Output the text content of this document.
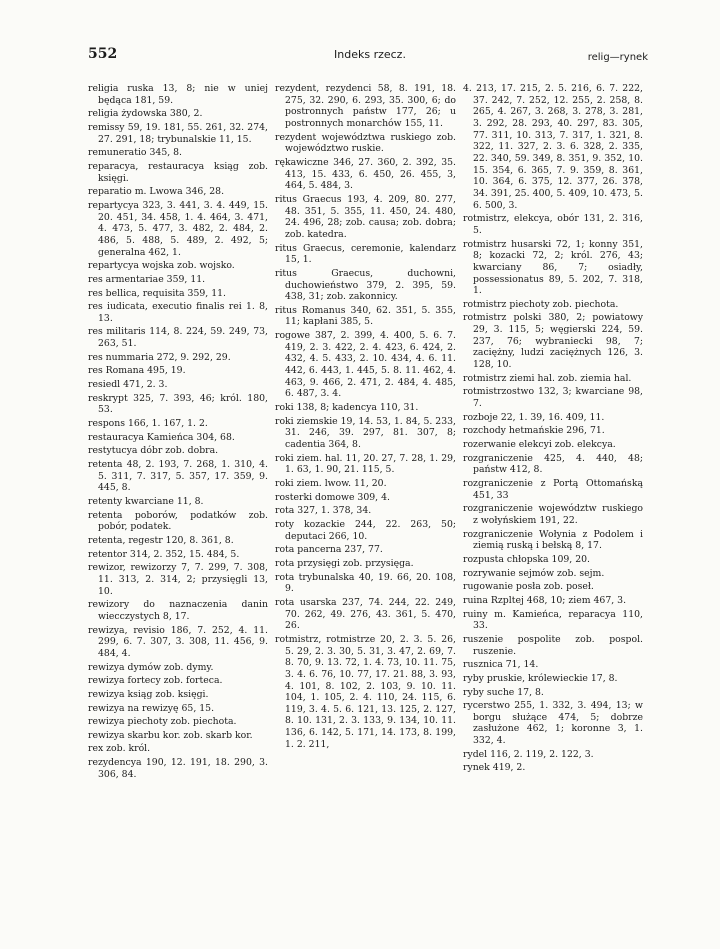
552	Indeks rzecz.	relig—rynek

religia ruska 13, 8; nie w uniej będąca 181, 59.

religia żydowska 380, 2.

remissy 59, 19. 181, 55. 261, 32. 274, 27. 291, 18; trybunalskie 11, 15.

remuneratio 345, 8.

reparacya, restauracya ksiąg zob. księgi.

reparatio m. Lwowa 346, 28.

repartycya 323, 3. 441, 3. 4. 449, 15. 20. 451, 34. 458, 1. 4. 464, 3. 471, 4. 473, 5. 477, 3. 482, 2. 484, 2. 486, 5. 488, 5. 489, 2. 492, 5; generalna 462, 1.

repartycya wojska zob. wojsko.

res armentariae 359, 11.

res bellica, requisita 359, 11.

res iudicata, executio finalis rei 1. 8, 13.

res militaris 114, 8. 224, 59. 249, 73, 263, 51.

res nummaria 272, 9. 292, 29.

res Romana 495, 19.

resiedl 471, 2. 3.

reskrypt 325, 7. 393, 46; król. 180, 53.

respons 166, 1. 167, 1. 2.

restauracya Kamieńca 304, 68.

restytucya dóbr zob. dobra.

retenta 48, 2. 193, 7. 268, 1. 310, 4. 5. 311, 7. 317, 5. 357, 17. 359, 9. 445, 8.

retenty kwarciane 11, 8.

retenta poborów, podatków zob. pobór, podatek.

retenta, regestr 120, 8. 361, 8.

retentor 314, 2. 352, 15. 484, 5.

rewizor, rewizorzy 7, 7. 299, 7. 308, 11. 313, 2. 314, 2; przysięgli 13, 10.

rewizory do naznaczenia danin wiecczystych 8, 17.

rewizya, revisio 186, 7. 252, 4. 11. 299, 6. 7. 307, 3. 308, 11. 456, 9. 484, 4.

rewizya dymów zob. dymy.

rewizya fortecy zob. forteca.

rewizya ksiąg zob. księgi.

rewizya na rewizyę 65, 15.

rewizya piechoty zob. piechota.

rewizya skarbu kor. zob. skarb kor.

rex zob. król.

rezydencya 190, 12. 191, 18. 290, 3. 306, 84.

rezydent, rezydenci 58, 8. 191, 18. 275, 32. 290, 6. 293, 35. 300, 6; do postronnych państw 177, 26; u postronnych monarchów 155, 11.

rezydent województwa ruskiego zob. województwo ruskie.

rękawiczne 346, 27. 360, 2. 392, 35. 413, 15. 433, 6. 450, 26. 455, 3, 464, 5. 484, 3.

ritus Graecus 193, 4. 209, 80. 277, 48. 351, 5. 355, 11. 450, 24. 480, 24. 496, 28; zob. causa; zob. dobra; zob. katedra.

ritus Graecus, ceremonie, kalendarz 15, 1.

ritus Graecus, duchowni, duchowieństwo 379, 2. 395, 59. 438, 31; zob. zakonnicy.

ritus Romanus 340, 62. 351, 5. 355, 11; kapłani 385, 5.

rogowe 387, 2. 399, 4. 400, 5. 6. 7. 419, 2. 3. 422, 2. 4. 423, 6. 424, 2. 432, 4. 5. 433, 2. 10. 434, 4. 6. 11. 442, 6. 443, 1. 445, 5. 8. 11. 462, 4. 463, 9. 466, 2. 471, 2. 484, 4. 485, 6. 487, 3. 4.

roki 138, 8; kadencya 110, 31.

roki ziemskie 19, 14. 53, 1. 84, 5. 233, 31. 246, 39. 297, 81. 307, 8; cadentia 364, 8.

roki ziem. hal. 11, 20. 27, 7. 28, 1. 29, 1. 63, 1. 90, 21. 115, 5.

roki ziem. lwow. 11, 20.

rosterki domowe 309, 4.

rota 327, 1. 378, 34.

roty kozackie 244, 22. 263, 50; deputaci 266, 10.

rota pancerna 237, 77.

rota przysięgi zob. przysięga.

rota trybunalska 40, 19. 66, 20. 108, 9.

rota usarska 237, 74. 244, 22. 249, 70. 262, 49. 276, 43. 361, 5. 470, 26.

rotmistrz, rotmistrze 20, 2. 3. 5. 26, 5. 29, 2. 3. 30, 5. 31, 3. 47, 2. 69, 7. 8. 70, 9. 13. 72, 1. 4. 73, 10. 11. 75, 3. 4. 6. 76, 10. 77, 17. 21. 88, 3. 93, 4. 101, 8. 102, 2. 103, 9. 10. 11. 104, 1. 105, 2. 4. 110, 24. 115, 6. 119, 3. 4. 5. 6. 121, 13. 125, 2. 127, 8. 10. 131, 2. 3. 133, 9. 134, 10. 11. 136, 6. 142, 5. 171, 14. 173, 8. 199, 1. 2. 211,

4. 213, 17. 215, 2. 5. 216, 6. 7. 222, 37. 242, 7. 252, 12. 255, 2. 258, 8. 265, 4. 267, 3. 268, 3. 278, 3. 281, 3. 292, 28. 293, 40. 297, 83. 305, 77. 311, 10. 313, 7. 317, 1. 321, 8. 322, 11. 327, 2. 3. 6. 328, 2. 335, 22. 340, 59. 349, 8. 351, 9. 352, 10. 15. 354, 6. 365, 7. 9. 359, 8. 361, 10. 364, 6. 375, 12. 377, 26. 378, 34. 391, 25. 400, 5. 409, 10. 473, 5. 6. 500, 3.

rotmistrz, elekcya, obór 131, 2. 316, 5.

rotmistrz husarski 72, 1; konny 351, 8; kozacki 72, 2; król. 276, 43; kwarciany 86, 7; osiadły, possessionatus 89, 5. 202, 7. 318, 1.

rotmistrz piechoty zob. piechota.

rotmistrz polski 380, 2; powiatowy 29, 3. 115, 5; węgierski 224, 59. 237, 76; wybraniecki 98, 7; zaciężny, ludzi zaciężnych 126, 3. 128, 10.

rotmistrz ziemi hal. zob. ziemia hal.

rotmistrzostwo 132, 3; kwarciane 98, 7.

rozboje 22, 1. 39, 16. 409, 11.

rozchody hetmańskie 296, 71.

rozerwanie elekcyi zob. elekcya.

rozgraniczenie 425, 4. 440, 48; państw 412, 8.

rozgraniczenie z Portą Ottomańską 451, 33

rozgraniczenie województw ruskiego z wołyńskiem 191, 22.

rozgraniczenie Wołynia z Podolem i ziemią ruską i bełską 8, 17.

rozpusta chłopska 109, 20.

rozrywanie sejmów zob. sejm.

rugowanie posła zob. poseł.

ruina Rzpltej 468, 10; ziem 467, 3.

ruiny m. Kamieńca, reparacya 110, 33.

ruszenie pospolite zob. pospol. ruszenie.

rusznica 71, 14.

ryby pruskie, królewieckie 17, 8.

ryby suche 17, 8.

rycerstwo 255, 1. 332, 3. 494, 13; w borgu służące 474, 5; dobrze zasłużone 462, 1; koronne 3, 1. 332, 4.

rydel 116, 2. 119, 2. 122, 3.

rynek 419, 2.
